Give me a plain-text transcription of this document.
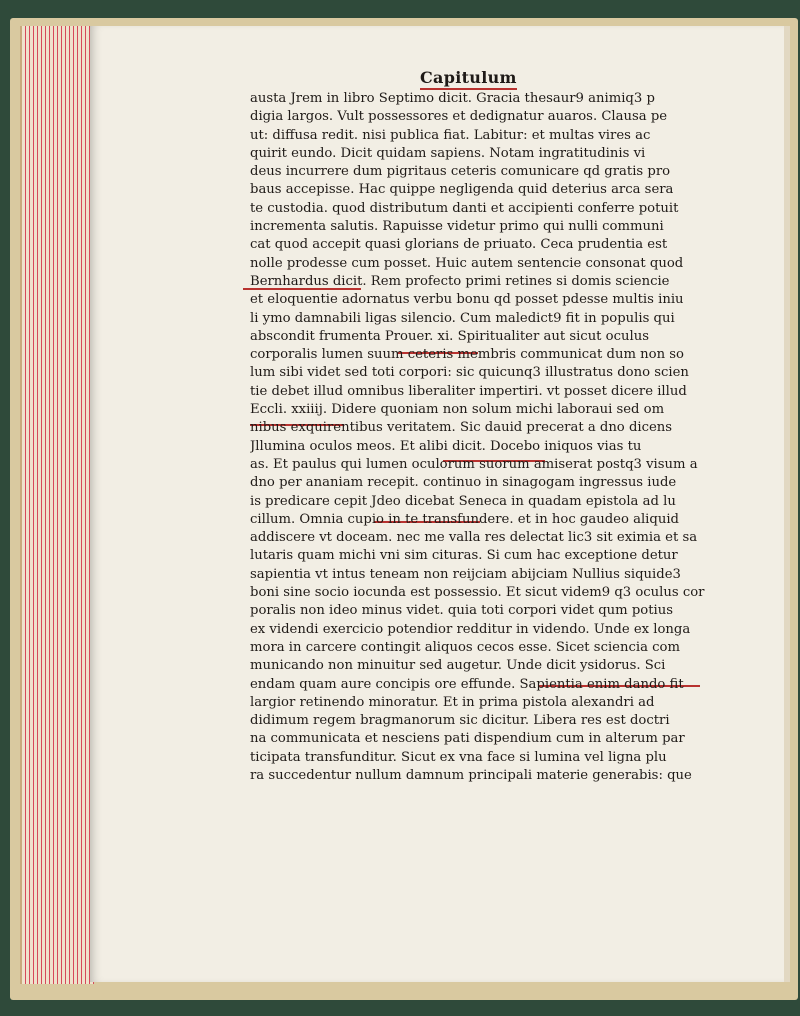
Capitulum
austa Jrem in libro Septimo dicit. Gracia thesaur9 animiq3 p
digia largos. Vult possessores et dedignatur auaros. Clausa pe
ut: diffusa redit. nisi publica fiat. Labitur: et multas vires ac
quirit eundo. Dicit quidam sapiens. Notam ingratitudinis vi
deus incurrere dum pigritaus ceteris comunicare qd gratis pro
baus accepisse. Hac quippe negligenda quid deterius arca sera
te custodia. quod distributum danti et accipienti conferre potuit
incrementa salutis. Rapuisse videtur primo qui nulli communi
cat quod accepit quasi glorians de priuato. Ceca prudentia est
nolle prodesse cum posset. Huic autem sentencie consonat quod
Bernhardus dicit. Rem profecto primi retines si domis sciencie
et eloquentie adornatus verbu bonu qd posset pdesse multis iniu
li ymo damnabili ligas silencio. Cum maledict9 fit in populis qui
abscondit frumenta Prouer. xi. Spiritualiter aut sicut oculus
corporalis lumen suum ceteris membris communicat dum non so
lum sibi videt sed toti corpori: sic quicunq3 illustratus dono scien
tie debet illud omnibus liberaliter impertiri. vt posset dicere illud
Eccli. xxiiij. Didere quoniam non solum michi laboraui sed om
nibus exquirentibus veritatem. Sic dauid precerat a dno dicens
Jllumina oculos meos. Et alibi dicit. Docebo iniquos vias tu
as. Et paulus qui lumen oculorum suorum amiserat postq3 visum a
dno per ananiam recepit. continuo in sinagogam ingressus iude
is predicare cepit Jdeo dicebat Seneca in quadam epistola ad lu
cillum. Omnia cupio in te transfundere. et in hoc gaudeo aliquid
addiscere vt doceam. nec me valla res delectat lic3 sit eximia et sa
lutaris quam michi vni sim cituras. Si cum hac exceptione detur
sapientia vt intus teneam non reijciam abijciam Nullius siquide3
boni sine socio iocunda est possessio. Et sicut videm9 q3 oculus cor
poralis non ideo minus videt. quia toti corpori videt qum potius
ex videndi exercicio potendior redditur in videndo. Unde ex longa
mora in carcere contingit aliquos cecos esse. Sicet sciencia com
municando non minuitur sed augetur. Unde dicit ysidorus. Sci
endam quam aure concipis ore effunde. Sapientia enim dando fit
largior retinendo minoratur. Et in prima pistola alexandri ad
didimum regem bragmanorum sic dicitur. Libera res est doctri
na communicata et nesciens pati dispendium cum in alterum par
ticipata transfunditur. Sicut ex vna face si lumina vel ligna plu
ra succedentur nullum damnum principali materie generabis: que
